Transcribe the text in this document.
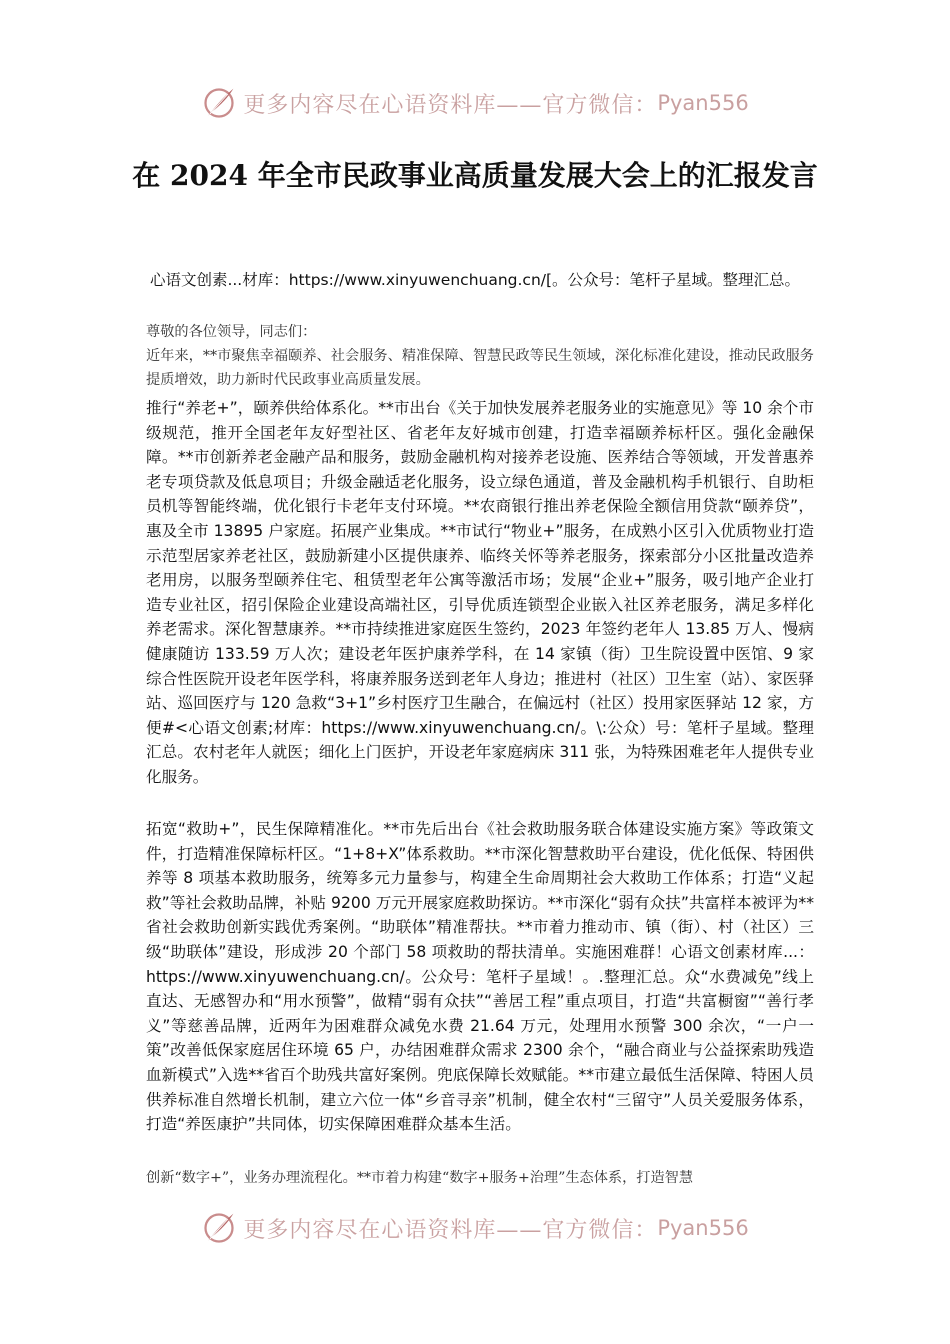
更多内容尽在心语资料库——官方微信： Pyan556
在 2024 年全市民政事业高质量发展大会上的汇报发言
心语文创素...材库：https://www.xinyuwenchuang.cn/[。公众号：笔杆子星域。整理汇总。

尊敬的各位领导，同志们：

近年来，**市聚焦幸福颐养、社会服务、精准保障、智慧民政等民生领域，深化标准化建设，推动民政服务提质增效，助力新时代民政事业高质量发展。

推行“养老+”，颐养供给体系化。**市出台《关于加快发展养老服务业的实施意见》等 10 余个市级规范，推开全国老年友好型社区、省老年友好城市创建，打造幸福颐养标杆区。强化金融保障。**市创新养老金融产品和服务，鼓励金融机构对接养老设施、医养结合等领域，开发普惠养老专项贷款及低息项目；升级金融适老化服务，设立绿色通道，普及金融机构手机银行、自助柜员机等智能终端，优化银行卡老年支付环境。**农商银行推出养老保险全额信用贷款“颐养贷”，惠及全市 13895 户家庭。拓展产业集成。**市试行“物业+”服务，在成熟小区引入优质物业打造示范型居家养老社区，鼓励新建小区提供康养、临终关怀等养老服务，探索部分小区批量改造养老用房，以服务型颐养住宅、租赁型老年公寓等激活市场；发展“企业+”服务，吸引地产企业打造专业社区，招引保险企业建设高端社区，引导优质连锁型企业嵌入社区养老服务，满足多样化养老需求。深化智慧康养。**市持续推进家庭医生签约，2023 年签约老年人 13.85 万人、慢病健康随访 133.59 万人次；建设老年医护康养学科，在 14 家镇（街）卫生院设置中医馆、9 家综合性医院开设老年医学科，将康养服务送到老年人身边；推进村（社区）卫生室（站）、家医驿站、巡回医疗与 120 急救“3+1”乡村医疗卫生融合，在偏远村（社区）投用家医驿站 12 家，方便#<心语文创素;材库：https://www.xinyuwenchuang.cn/。\:公众）号：笔杆子星域。整理汇总。农村老年人就医；细化上门医护，开设老年家庭病床 311 张，为特殊困难老年人提供专业化服务。

拓宽“救助+”，民生保障精准化。**市先后出台《社会救助服务联合体建设实施方案》等政策文件，打造精准保障标杆区。“1+8+X”体系救助。**市深化智慧救助平台建设，优化低保、特困供养等 8 项基本救助服务，统筹多元力量参与，构建全生命周期社会大救助工作体系；打造“义起救”等社会救助品牌，补贴 9200 万元开展家庭救助探访。**市深化“弱有众扶”共富样本被评为**省社会救助创新实践优秀案例。“助联体”精准帮扶。**市着力推动市、镇（街）、村（社区）三级“助联体”建设，形成涉 20 个部门 58 项救助的帮扶清单。实施困难群！心语文创素材库...：https://www.xinyuwenchuang.cn/。公众号：笔杆子星域！。.整理汇总。众“水费减免”线上直达、无感智办和“用水预警”，做精“弱有众扶”“善居工程”重点项目，打造“共富橱窗”“善行孝义”等慈善品牌，近两年为困难群众减免水费 21.64 万元，处理用水预警 300 余次，“一户一策”改善低保家庭居住环境 65 户，办结困难群众需求 2300 余个，“融合商业与公益探索助残造血新模式”入选**省百个助残共富好案例。兜底保障长效赋能。**市建立最低生活保障、特困人员供养标准自然增长机制，建立六位一体“乡音寻亲”机制，健全农村“三留守”人员关爱服务体系，打造“养医康护”共同体，切实保障困难群众基本生活。

创新“数字+”，业务办理流程化。**市着力构建“数字+服务+治理”生态体系，打造智慧

更多内容尽在心语资料库——官方微信： Pyan556
